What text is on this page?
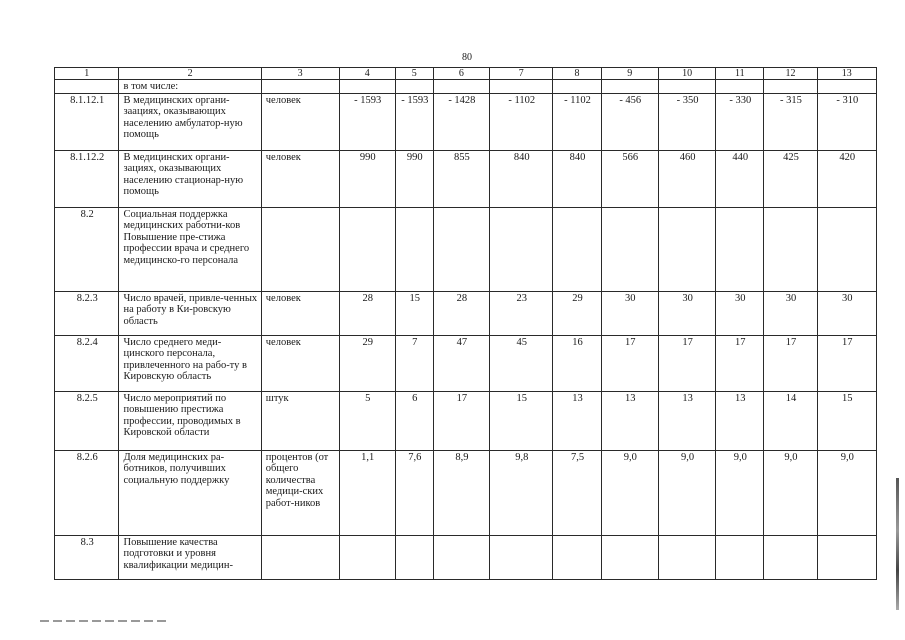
80
1	2	3	4	5	6	7	8	9	10	11	12	13
	в том числе:											
8.1.12.1	В медицинских органи-заациях, оказывающих населению амбулатор-ную помощь	человек	- 1593	- 1593	- 1428	- 1102	- 1102	- 456	- 350	- 330	- 315	- 310
8.1.12.2	В медицинских органи-зациях, оказывающих населению стационар-ную помощь	человек	990	990	855	840	840	566	460	440	425	420
8.2	Социальная поддержка медицинских работни-ков Повышение пре-стижа профессии врача и среднего медицинско-го персонала											
8.2.3	Число врачей, привле-ченных на работу в Ки-ровскую область	человек	28	15	28	23	29	30	30	30	30	30
8.2.4	Число среднего меди-цинского персонала, привлеченного на рабо-ту в Кировскую область	человек	29	7	47	45	16	17	17	17	17	17
8.2.5	Число мероприятий по повышению престижа профессии, проводимых в Кировской области	штук	5	6	17	15	13	13	13	13	14	15
8.2.6	Доля медицинских ра-ботников, получивших социальную поддержку	процентов (от общего количества медици-ских работ-ников	1,1	7,6	8,9	9,8	7,5	9,0	9,0	9,0	9,0	9,0
8.3	Повышение качества подготовки и уровня квалификации медицин-											
